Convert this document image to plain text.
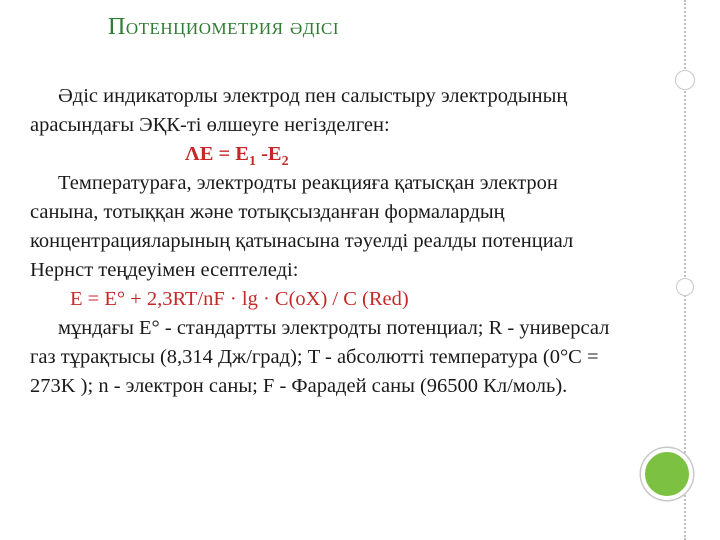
Потенциометрия әдісі

Әдіс индикаторлы электрод пен салыстыру электродының

арасындағы ЭҚК-ті өлшеуге негізделген:

$\Lambda E = E_1$ $-E_2$

Температураға, электродты реакцияға қатысқан электрон

санына, тотыққан және тотықсызданған формалардың

концентрацияларының қатынасына тәуелді реалды потенциал

Нернст теңдеуімен есептеледі:

E = E° + 2,3RT/nF · lg · C(oX) / C (Red)

мұндағы E° - стандартты электродты потенциал; R - универсал

газ тұрақтысы (8,314 Дж/град); T - абсолюттi температура (0°C =

273K ); n - электрон саны; F - Фарадей саны (96500 Кл/моль).
